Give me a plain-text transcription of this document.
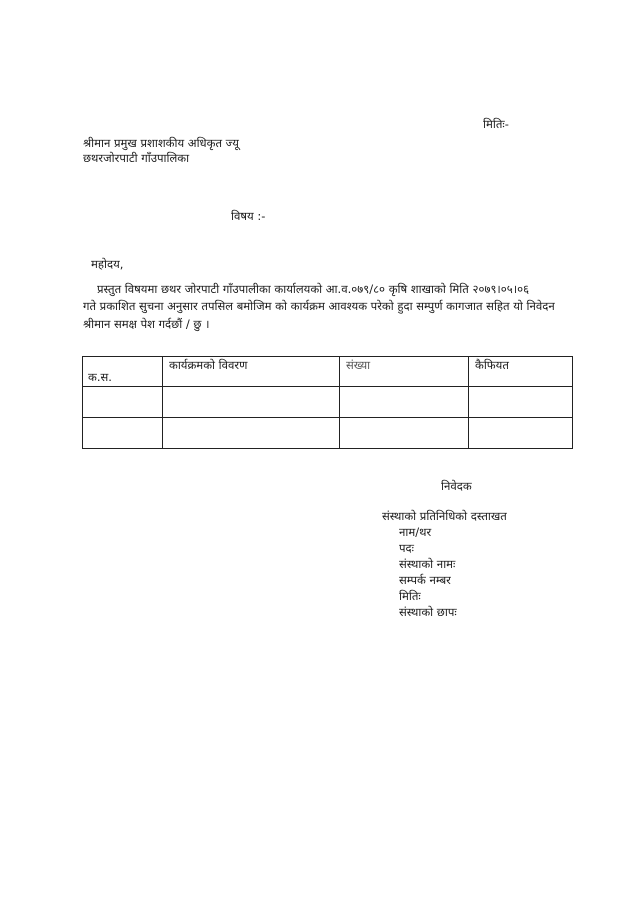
मितिः-
श्रीमान प्रमुख प्रशाशकीय अधिकृत ज्यू
छथरजोरपाटी गाँउपालिका
विषय :-
महोदय,
प्रस्तुत विषयमा छथर जोरपाटी गाँउपालीका कार्यालयको आ.व.०७९/८० कृषि शाखाको मिति २०७९।०५।०६
गते प्रकाशित सुचना अनुसार तपसिल बमोजिम को कार्यक्रम आवश्यक परेको हुदा सम्पुर्ण कागजात सहित यो निवेदन
श्रीमान समक्ष पेश गर्दछौं / छु ।
क.स.	कार्यक्रमको विवरण	संख्या	कैफियत

निवेदक
संस्थाको प्रतिनिधिको दस्ताखत
नाम/थर
पदः
संस्थाको नामः
सम्पर्क नम्बर
मितिः
संस्थाको छापः
